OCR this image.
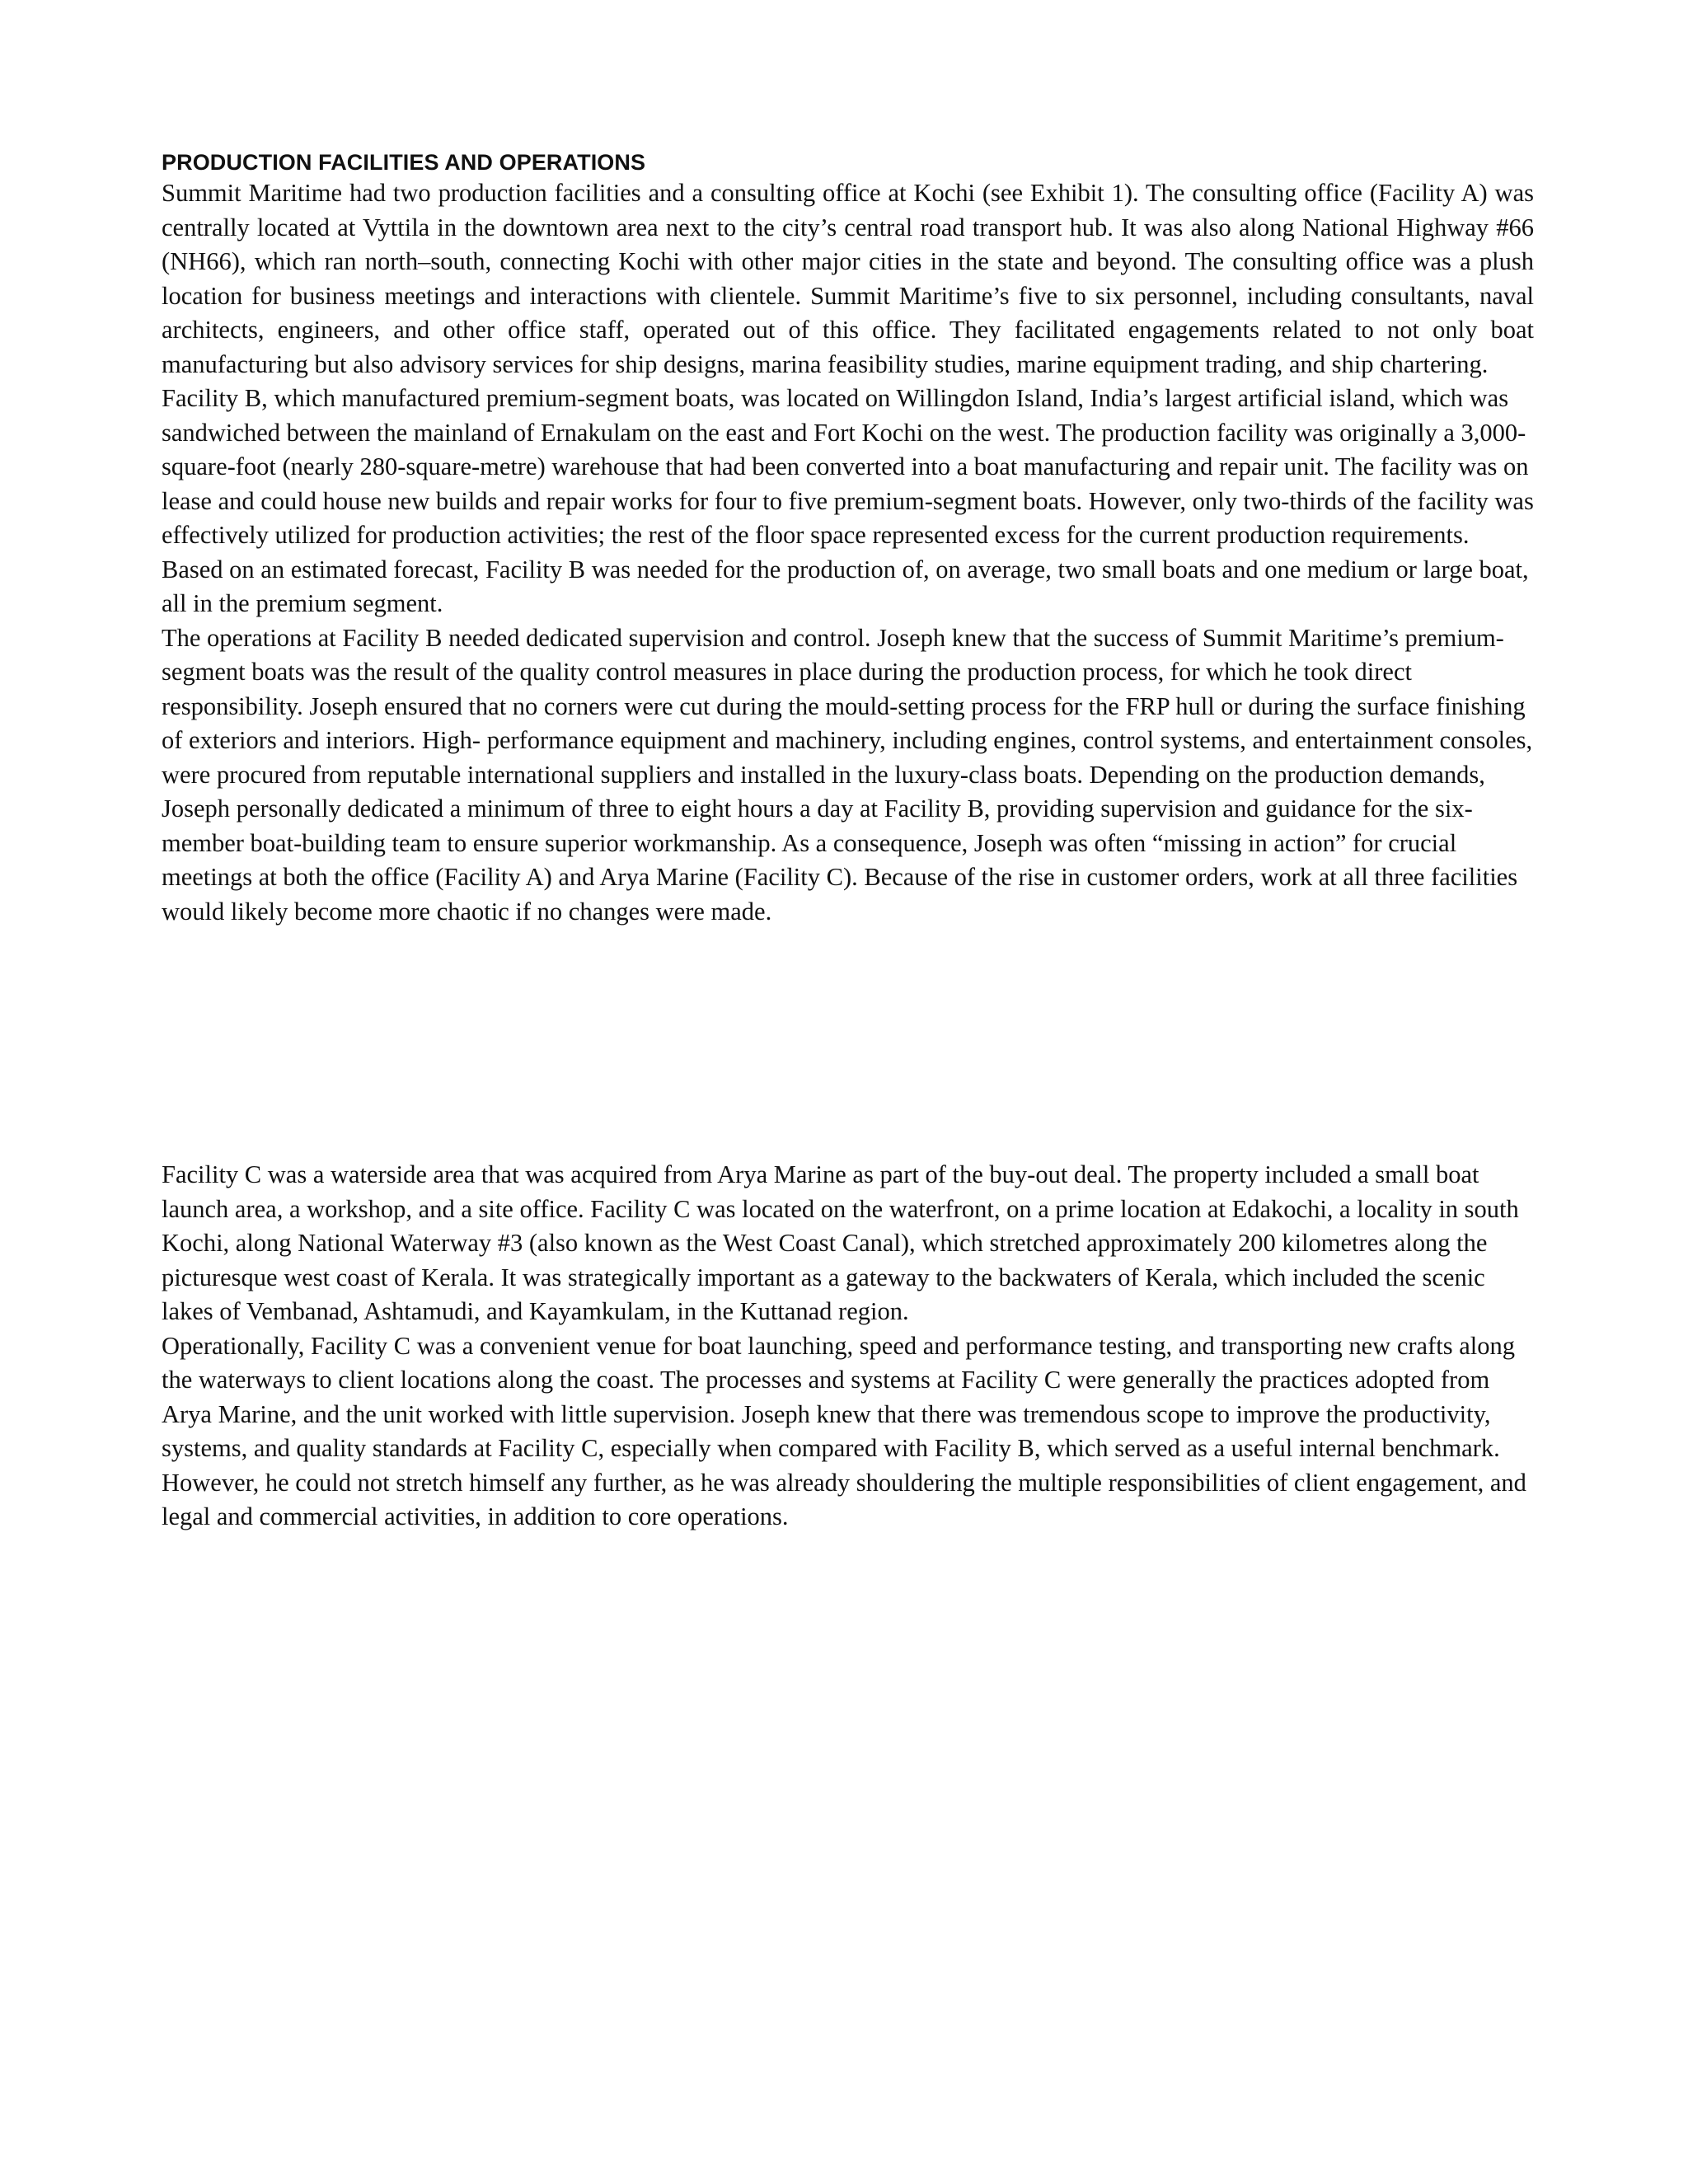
PRODUCTION FACILITIES AND OPERATIONS

Summit Maritime had two production facilities and a consulting office at Kochi (see Exhibit 1). The consulting office (Facility A) was centrally located at Vyttila in the downtown area next to the city’s central road transport hub. It was also along National Highway #66 (NH66), which ran north–south, connecting Kochi with other major cities in the state and beyond. The consulting office was a plush location for business meetings and interactions with clientele. Summit Maritime’s five to six personnel, including consultants, naval architects, engineers, and other office staff, operated out of this office. They facilitated engagements related to not only boat manufacturing but also advisory services for ship designs, marina feasibility studies, marine equipment trading, and ship chartering.

Facility B, which manufactured premium-segment boats, was located on Willingdon Island, India’s largest artificial island, which was sandwiched between the mainland of Ernakulam on the east and Fort Kochi on the west. The production facility was originally a 3,000-square-foot (nearly 280-square-metre) warehouse that had been converted into a boat manufacturing and repair unit. The facility was on lease and could house new builds and repair works for four to five premium-segment boats. However, only two-thirds of the facility was effectively utilized for production activities; the rest of the floor space represented excess for the current production requirements. Based on an estimated forecast, Facility B was needed for the production of, on average, two small boats and one medium or large boat, all in the premium segment.

The operations at Facility B needed dedicated supervision and control. Joseph knew that the success of Summit Maritime’s premium-segment boats was the result of the quality control measures in place during the production process, for which he took direct responsibility. Joseph ensured that no corners were cut during the mould-setting process for the FRP hull or during the surface finishing of exteriors and interiors. High- performance equipment and machinery, including engines, control systems, and entertainment consoles, were procured from reputable international suppliers and installed in the luxury-class boats. Depending on the production demands, Joseph personally dedicated a minimum of three to eight hours a day at Facility B, providing supervision and guidance for the six-member boat-building team to ensure superior workmanship. As a consequence, Joseph was often “missing in action” for crucial meetings at both the office (Facility A) and Arya Marine (Facility C). Because of the rise in customer orders, work at all three facilities would likely become more chaotic if no changes were made.

Facility C was a waterside area that was acquired from Arya Marine as part of the buy-out deal. The property included a small boat launch area, a workshop, and a site office. Facility C was located on the waterfront, on a prime location at Edakochi, a locality in south Kochi, along National Waterway #3 (also known as the West Coast Canal), which stretched approximately 200 kilometres along the picturesque west coast of Kerala. It was strategically important as a gateway to the backwaters of Kerala, which included the scenic lakes of Vembanad, Ashtamudi, and Kayamkulam, in the Kuttanad region.

Operationally, Facility C was a convenient venue for boat launching, speed and performance testing, and transporting new crafts along the waterways to client locations along the coast. The processes and systems at Facility C were generally the practices adopted from Arya Marine, and the unit worked with little supervision. Joseph knew that there was tremendous scope to improve the productivity, systems, and quality standards at Facility C, especially when compared with Facility B, which served as a useful internal benchmark. However, he could not stretch himself any further, as he was already shouldering the multiple responsibilities of client engagement, and legal and commercial activities, in addition to core operations.
